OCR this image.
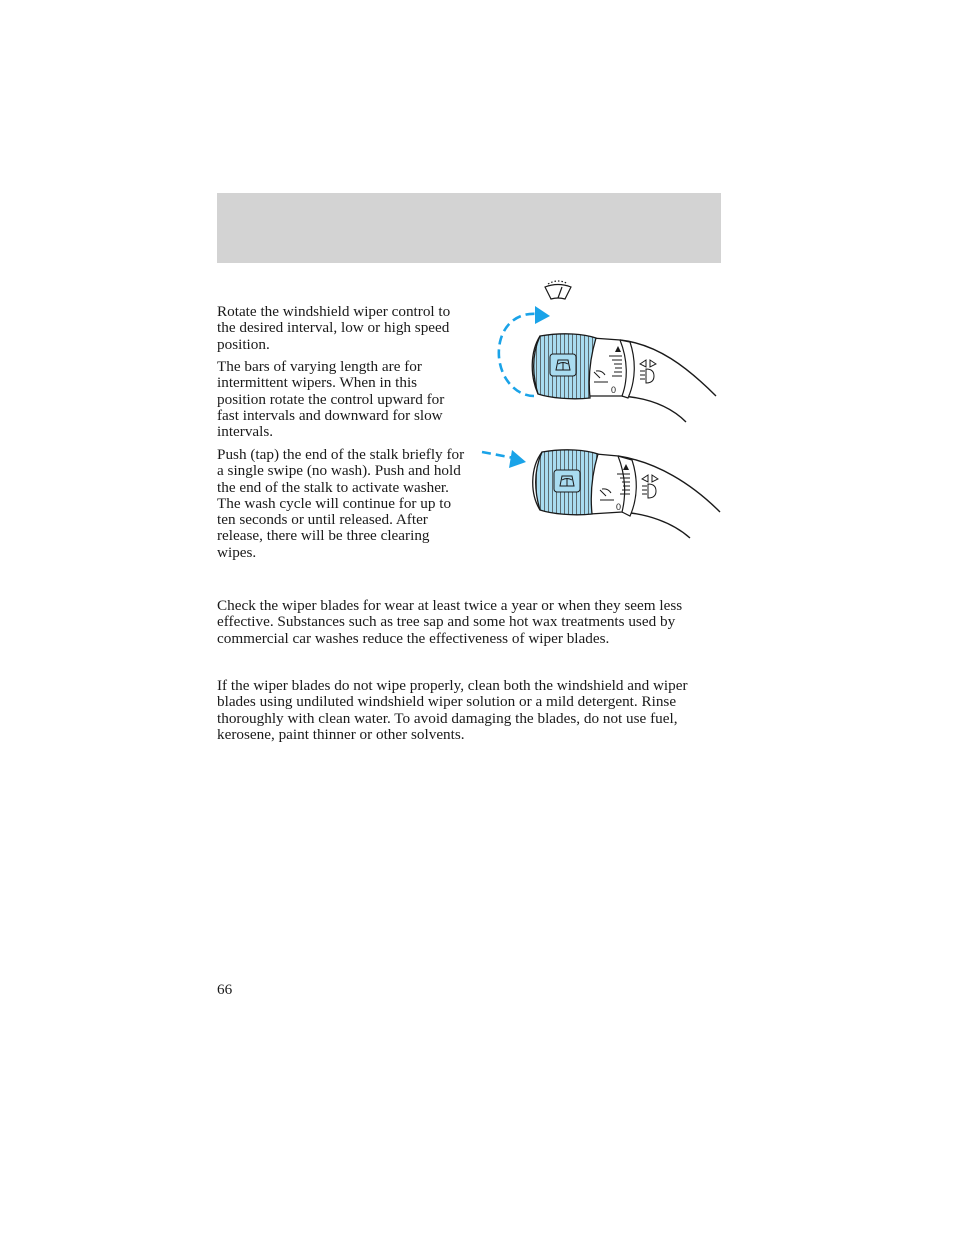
Rotate the windshield wiper control to the desired interval, low or high speed position.

The bars of varying length are for intermittent wipers. When in this position rotate the control upward for fast intervals and downward for slow intervals.

Push (tap) the end of the stalk briefly for a single swipe (no wash). Push and hold the end of the stalk to activate washer. The wash cycle will continue for up to ten seconds or until released. After release, there will be three clearing wipes.

0
0

Check the wiper blades for wear at least twice a year or when they seem less effective. Substances such as tree sap and some hot wax treatments used by commercial car washes reduce the effectiveness of wiper blades.

If the wiper blades do not wipe properly, clean both the windshield and wiper blades using undiluted windshield wiper solution or a mild detergent. Rinse thoroughly with clean water. To avoid damaging the blades, do not use fuel, kerosene, paint thinner or other solvents.

66
